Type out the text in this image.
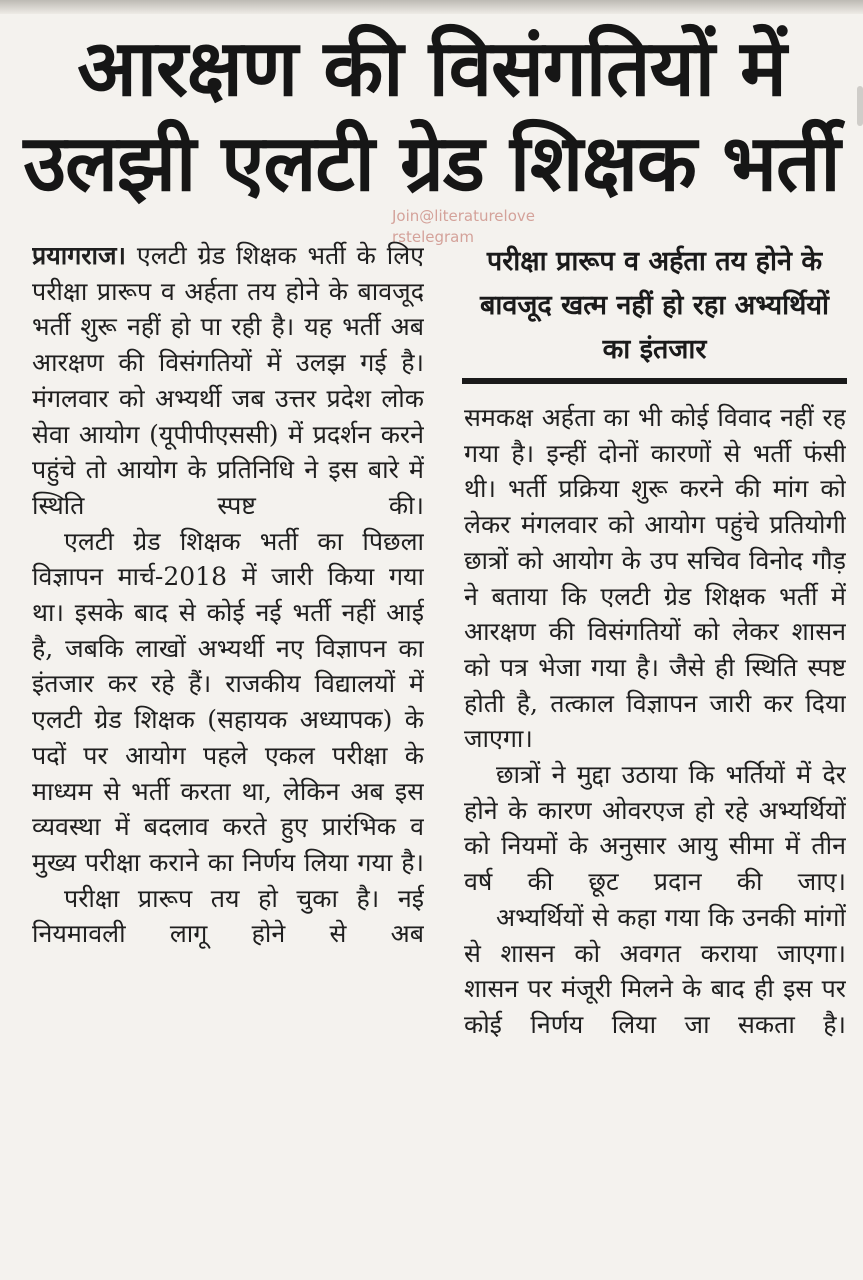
आरक्षण की विसंगतियों में
उलझी एलटी ग्रेड शिक्षक भर्ती
Join@literaturelove
rstelegram

प्रयागराज। एलटी ग्रेड शिक्षक भर्ती के लिए परीक्षा प्रारूप व अर्हता तय होने के बावजूद भर्ती शुरू नहीं हो पा रही है। यह भर्ती अब आरक्षण की विसंगतियों में उलझ गई है। मंगलवार को अभ्यर्थी जब उत्तर प्रदेश लोक सेवा आयोग (यूपीपीएससी) में प्रदर्शन करने पहुंचे तो आयोग के प्रतिनिधि ने इस बारे में स्थिति स्पष्ट की।

एलटी ग्रेड शिक्षक भर्ती का पिछला विज्ञापन मार्च-2018 में जारी किया गया था। इसके बाद से कोई नई भर्ती नहीं आई है, जबकि लाखों अभ्यर्थी नए विज्ञापन का इंतजार कर रहे हैं। राजकीय विद्यालयों में एलटी ग्रेड शिक्षक (सहायक अध्यापक) के पदों पर आयोग पहले एकल परीक्षा के माध्यम से भर्ती करता था, लेकिन अब इस व्यवस्था में बदलाव करते हुए प्रारंभिक व मुख्य परीक्षा कराने का निर्णय लिया गया है।

परीक्षा प्रारूप तय हो चुका है। नई नियमावली लागू होने से अब

परीक्षा प्रारूप व अर्हता तय होने के बावजूद खत्म नहीं हो रहा अभ्यर्थियों का इंतजार

समकक्ष अर्हता का भी कोई विवाद नहीं रह गया है। इन्हीं दोनों कारणों से भर्ती फंसी थी। भर्ती प्रक्रिया शुरू करने की मांग को लेकर मंगलवार को आयोग पहुंचे प्रतियोगी छात्रों को आयोग के उप सचिव विनोद गौड़ ने बताया कि एलटी ग्रेड शिक्षक भर्ती में आरक्षण की विसंगतियों को लेकर शासन को पत्र भेजा गया है। जैसे ही स्थिति स्पष्ट होती है, तत्काल विज्ञापन जारी कर दिया जाएगा।

छात्रों ने मुद्दा उठाया कि भर्तियों में देर होने के कारण ओवरएज हो रहे अभ्यर्थियों को नियमों के अनुसार आयु सीमा में तीन वर्ष की छूट प्रदान की जाए।

अभ्यर्थियों से कहा गया कि उनकी मांगों से शासन को अवगत कराया जाएगा। शासन पर मंजूरी मिलने के बाद ही इस पर कोई निर्णय लिया जा सकता है।
